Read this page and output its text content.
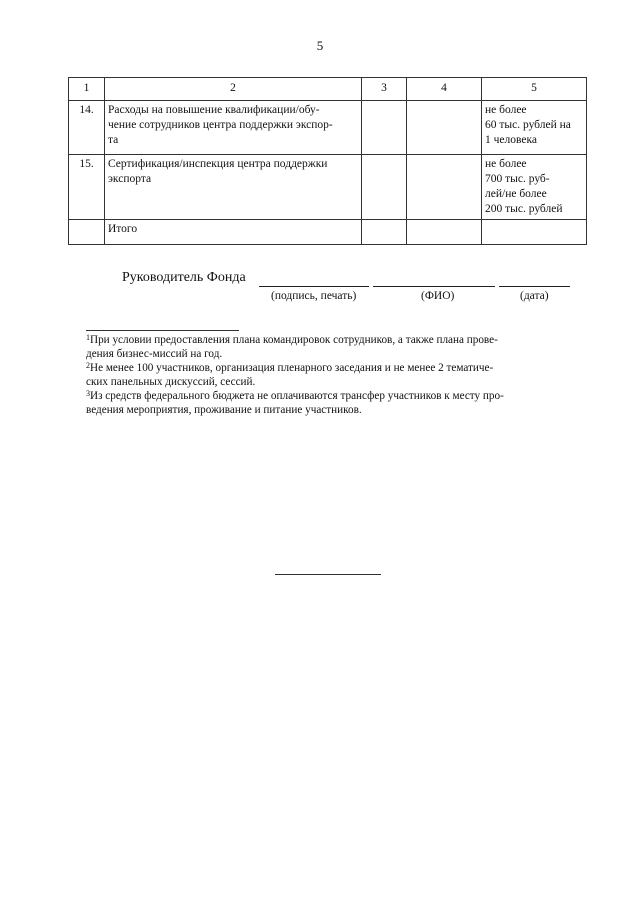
5
1	2	3	4	5
14.	Расходы на повышение квалификации/обу-
чение сотрудников центра поддержки экспор-
та			не более
60 тыс. рублей на
1 человека
15.	Сертификация/инспекция центра поддержки
экспорта			не более
700 тыс. руб-
лей/не более
200 тыс. рублей
	Итого			
Руководитель Фонда
(подпись, печать)	(ФИО)	(дата)

$^1$При условии предоставления плана командировок сотрудников, а также плана прове-
дения бизнес-миссий на год.

$^2$Не менее 100 участников, организация пленарного заседания и не менее 2 тематиче-
ских панельных дискуссий, сессий.

$^3$Из средств федерального бюджета не оплачиваются трансфер участников к месту про-
ведения мероприятия, проживание и питание участников.
